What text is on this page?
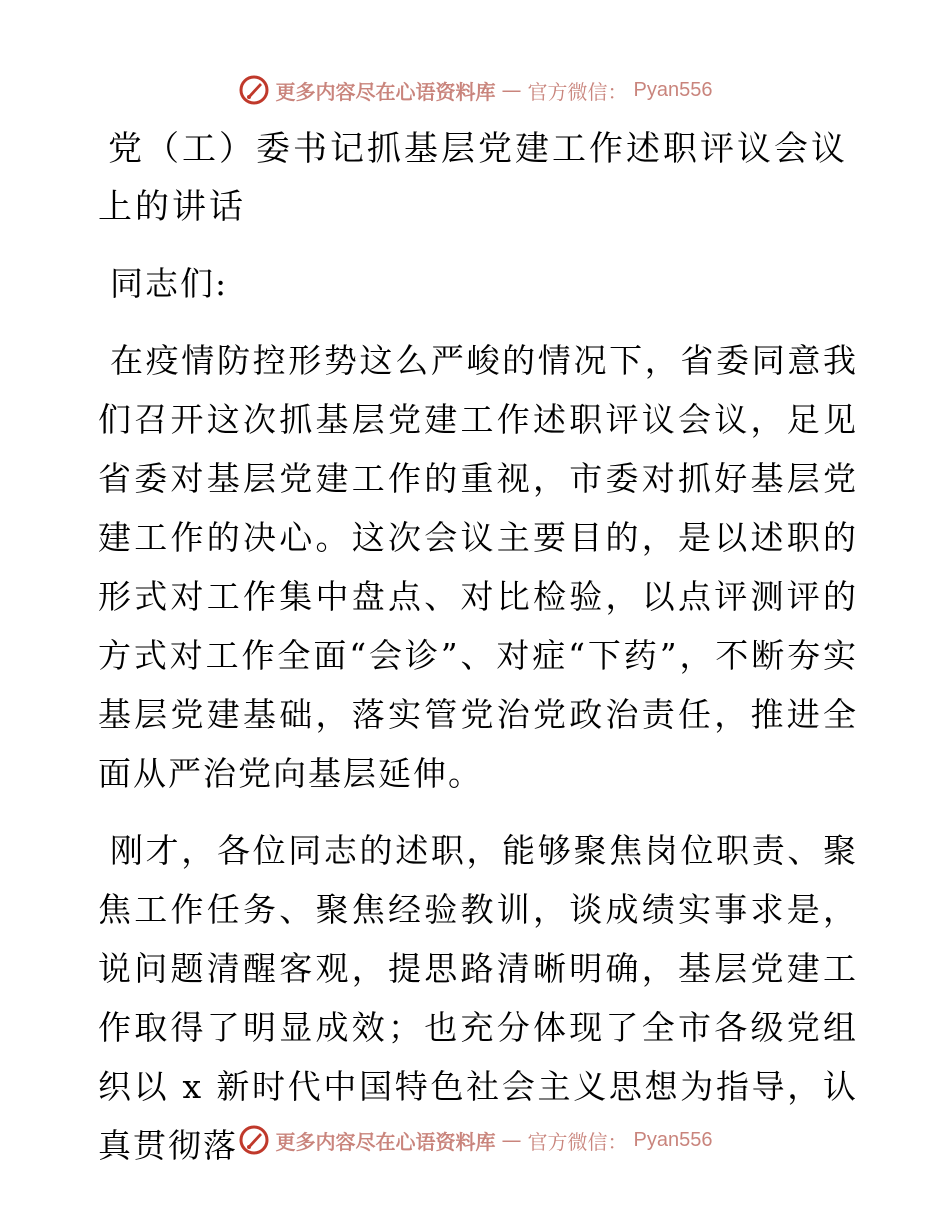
更多内容尽在心语资料库 — 官方微信： Pyan556
党（工）委书记抓基层党建工作述职评议会议上的讲话

同志们:

在疫情防控形势这么严峻的情况下，省委同意我们召开这次抓基层党建工作述职评议会议，足见省委对基层党建工作的重视，市委对抓好基层党建工作的决心。这次会议主要目的，是以述职的形式对工作集中盘点、对比检验，以点评测评的方式对工作全面“会诊”、对症“下药”，不断夯实基层党建基础，落实管党治党政治责任，推进全面从严治党向基层延伸。

刚才，各位同志的述职，能够聚焦岗位职责、聚焦工作任务、聚焦经验教训，谈成绩实事求是，说问题清醒客观，提思路清晰明确，基层党建工作取得了明显成效；也充分体现了全市各级党组织以 x 新时代中国特色社会主义思想为指导，认真贯彻落	更多内容尽在心语资料库 — 官方微信： Pyan556
